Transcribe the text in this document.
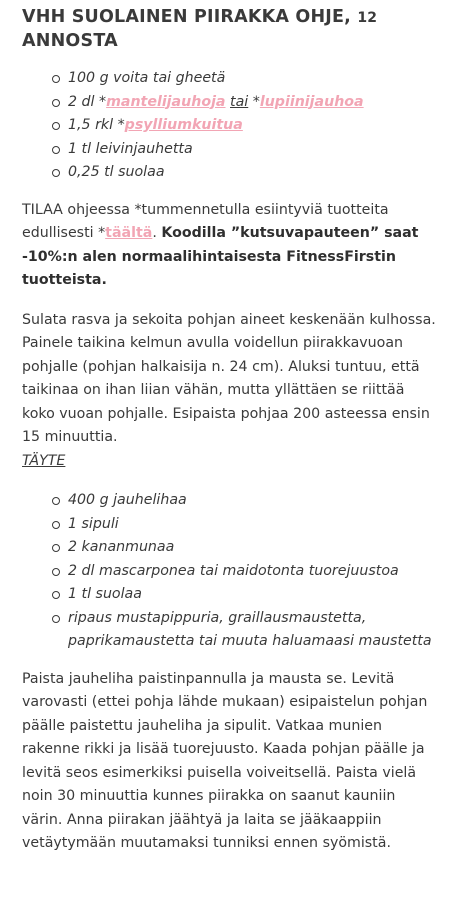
VHH SUOLAINEN PIIRAKKA OHJE, 12
ANNOSTA
100 g voita tai gheetä
2 dl *mantelijauhoja tai *lupiinijauhoa
1,5 rkl *psylliumkuitua
1 tl leivinjauhetta
0,25 tl suolaa

TILAA ohjeessa *tummennetulla esiintyviä tuotteita edullisesti *täältä. Koodilla ”kutsuvapauteen” saat -10%:n alen normaalihintaisesta FitnessFirstin tuotteista.

Sulata rasva ja sekoita pohjan aineet keskenään kulhossa. Painele taikina kelmun avulla voidellun piirakkavuoan pohjalle (pohjan halkaisija n. 24 cm). Aluksi tuntuu, että taikinaa on ihan liian vähän, mutta yllättäen se riittää koko vuoan pohjalle. Esipaista pohjaa 200 asteessa ensin 15 minuuttia.
TÄYTE

400 g jauhelihaa
1 sipuli
2 kananmunaa
2 dl mascarponea tai maidotonta tuorejuustoa
1 tl suolaa
ripaus mustapippuria, graillausmaustetta, paprikamaustetta tai muuta haluamaasi maustetta

Paista jauheliha paistinpannulla ja mausta se. Levitä varovasti (ettei pohja lähde mukaan) esipaistelun pohjan päälle paistettu jauheliha ja sipulit. Vatkaa munien rakenne rikki ja lisää tuorejuusto. Kaada pohjan päälle ja levitä seos esimerkiksi puisella voiveitsellä. Paista vielä noin 30 minuuttia kunnes piirakka on saanut kauniin värin. Anna piirakan jäähtyä ja laita se jääkaappiin vetäytymään muutamaksi tunniksi ennen syömistä.
